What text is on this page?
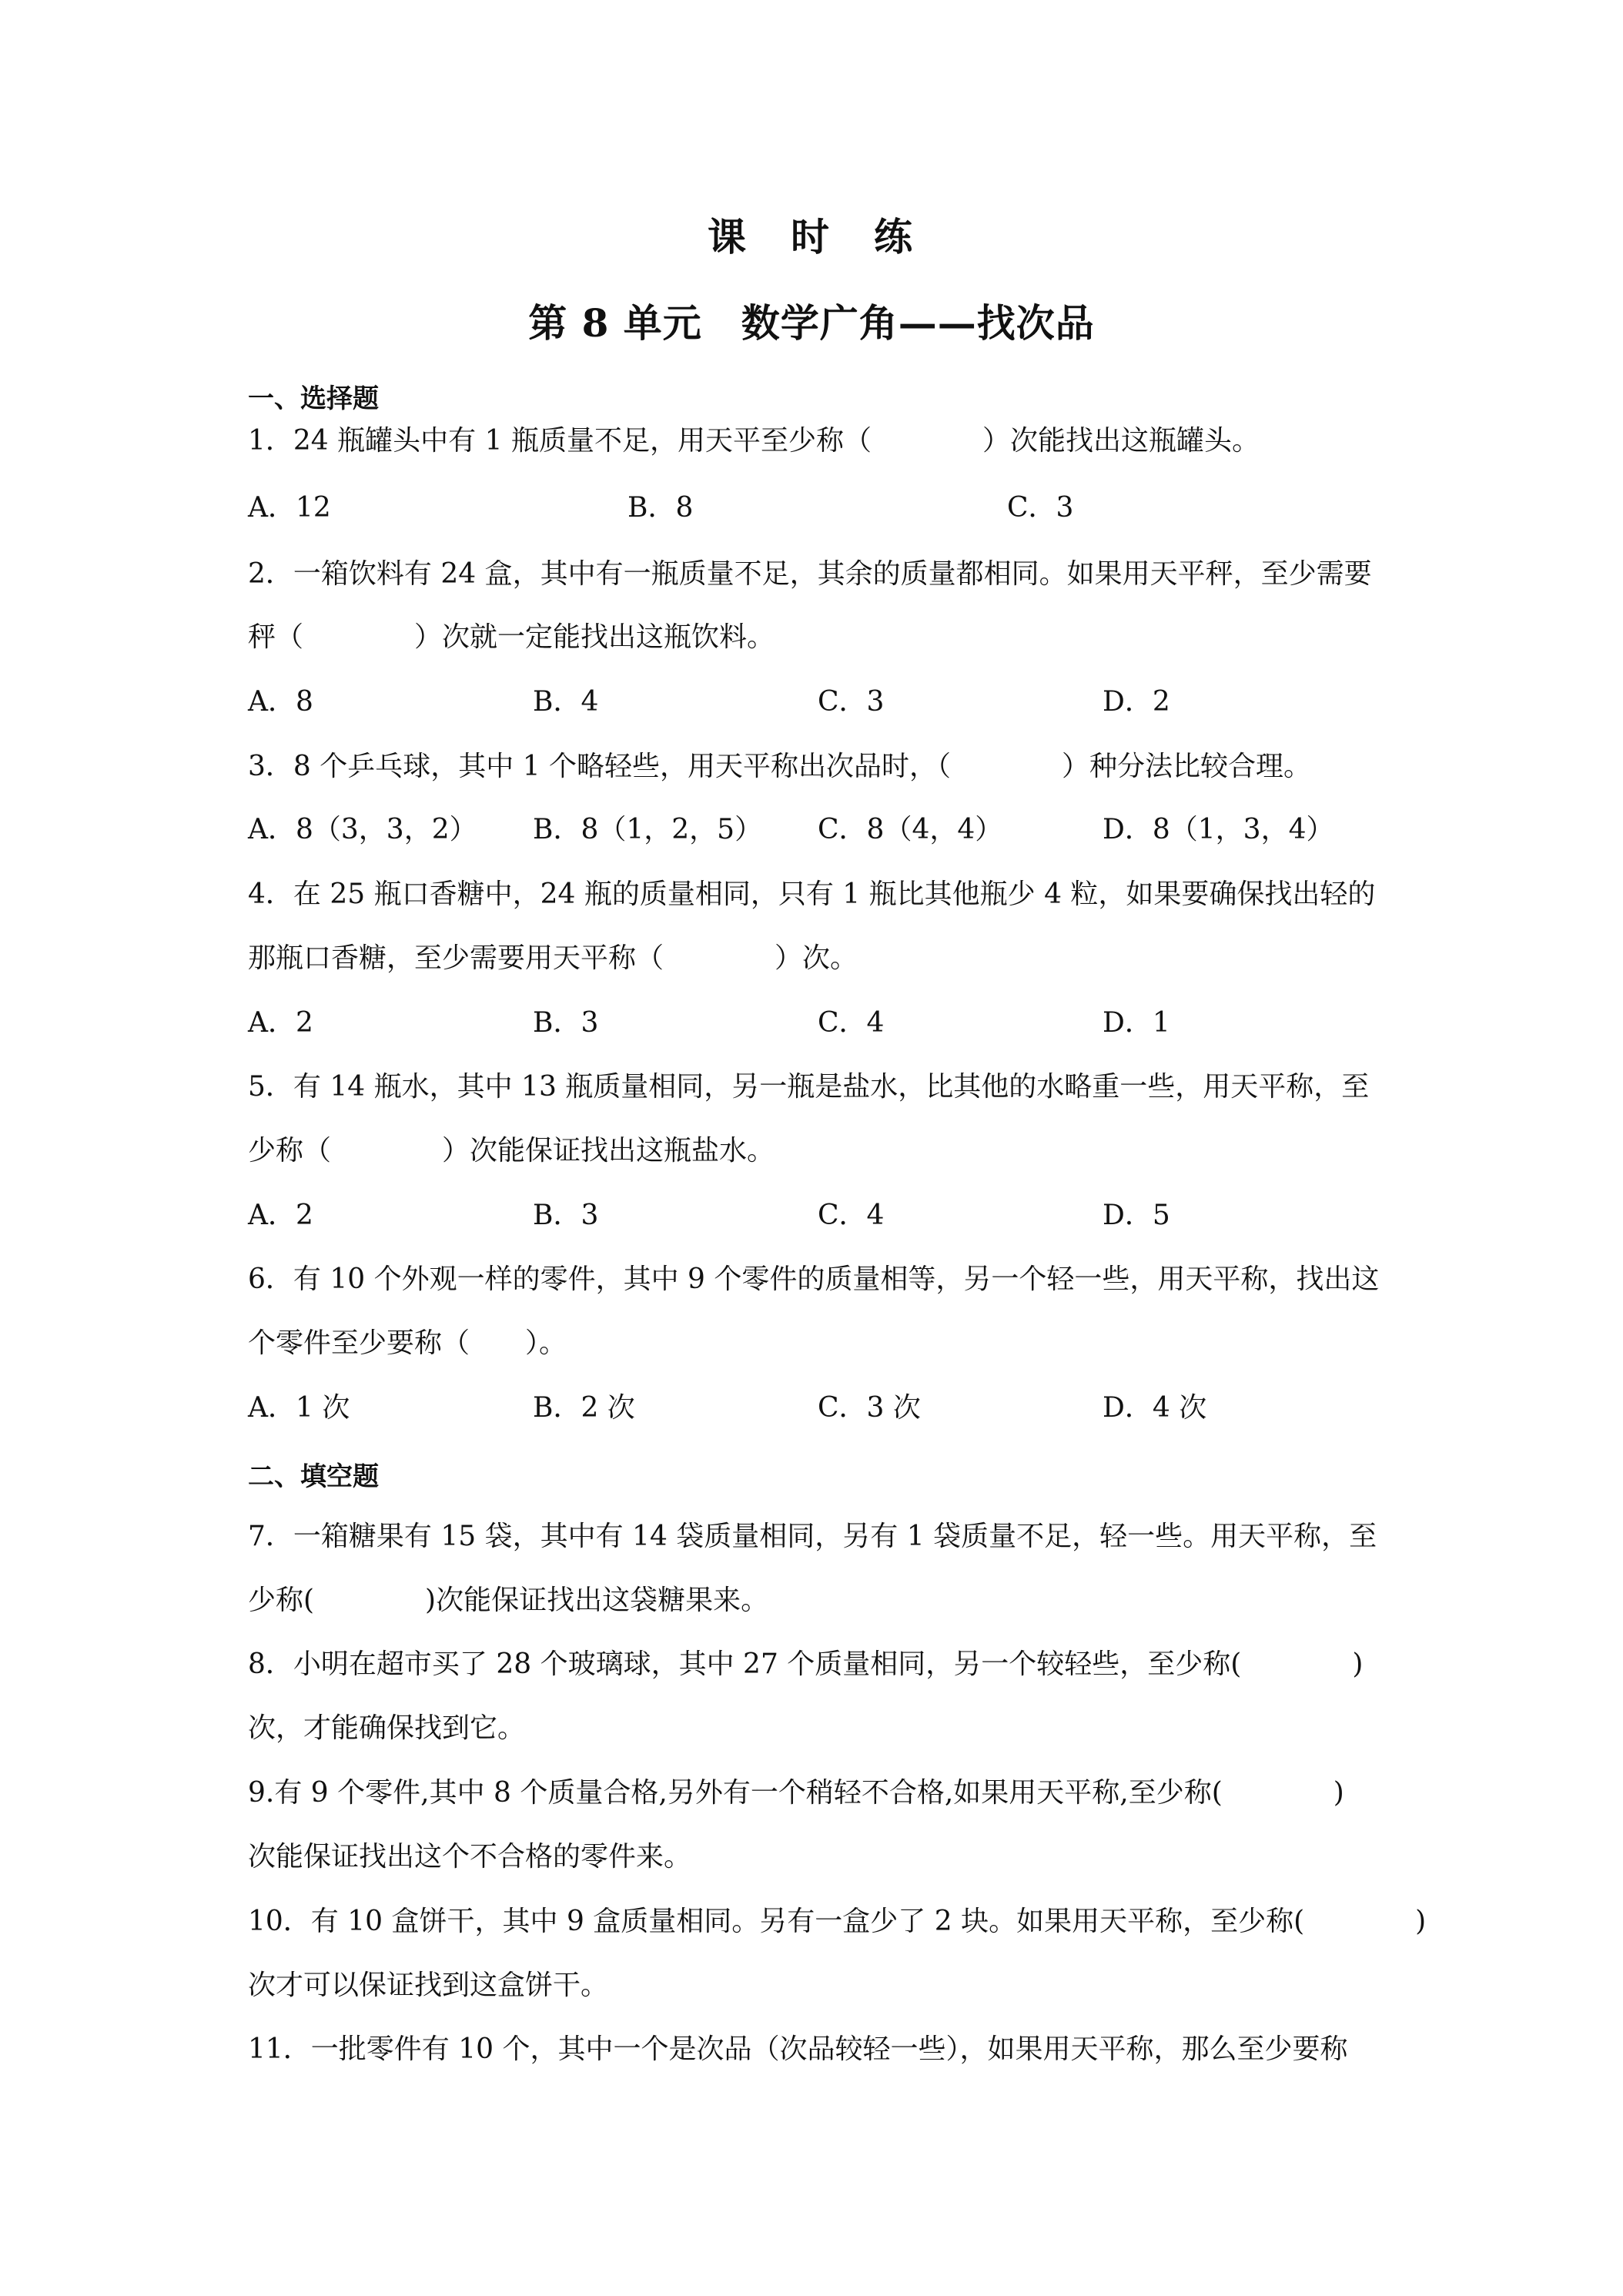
课　时　练
第 8 单元　数学广角——找次品
一、选择题
1．24 瓶罐头中有 1 瓶质量不足，用天平至少称（　　　　）次能找出这瓶罐头。
A．12	B．8	C．3
2．一箱饮料有 24 盒，其中有一瓶质量不足，其余的质量都相同。如果用天平秤，至少需要
秤（　　　　）次就一定能找出这瓶饮料。
A．8	B．4	C．3	D．2
3．8 个乒乓球，其中 1 个略轻些，用天平称出次品时，（　　　　）种分法比较合理。
A．8（3，3，2） B．8（1，2，5） C．8（4，4）	D．8（1，3，4）
4．在 25 瓶口香糖中，24 瓶的质量相同，只有 1 瓶比其他瓶少 4 粒，如果要确保找出轻的
那瓶口香糖，至少需要用天平称（　　　　）次。
A．2	B．3	C．4	D．1
5．有 14 瓶水，其中 13 瓶质量相同，另一瓶是盐水，比其他的水略重一些，用天平称，至
少称（　　　　）次能保证找出这瓶盐水。
A．2	B．3	C．4	D．5
6．有 10 个外观一样的零件，其中 9 个零件的质量相等，另一个轻一些，用天平称，找出这
个零件至少要称（　　）。
A．1 次	B．2 次	C．3 次	D．4 次
二、填空题
7．一箱糖果有 15 袋，其中有 14 袋质量相同，另有 1 袋质量不足，轻一些。用天平称，至
少称(　　　　)次能保证找出这袋糖果来。
8．小明在超市买了 28 个玻璃球，其中 27 个质量相同，另一个较轻些，至少称(　　　　)
次，才能确保找到它。
9.有 9 个零件,其中 8 个质量合格,另外有一个稍轻不合格,如果用天平称,至少称(　　　　)
次能保证找出这个不合格的零件来。
10．有 10 盒饼干，其中 9 盒质量相同。另有一盒少了 2 块。如果用天平称，至少称(　　　　)
次才可以保证找到这盒饼干。
11．一批零件有 10 个，其中一个是次品（次品较轻一些），如果用天平称，那么至少要称
